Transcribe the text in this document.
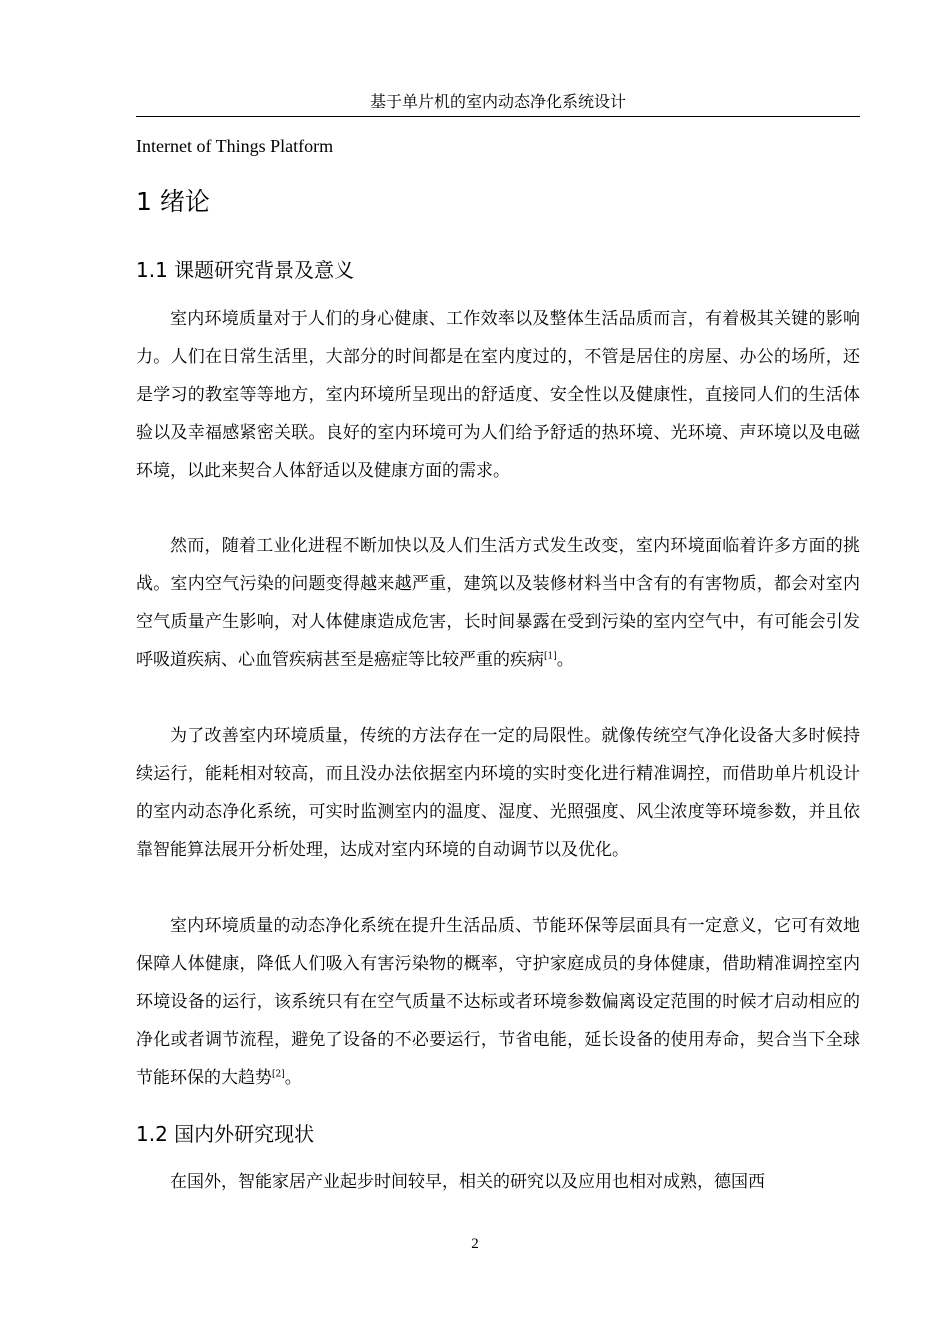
基于单片机的室内动态净化系统设计
Internet of Things Platform
1 绪论
1.1 课题研究背景及意义

室内环境质量对于人们的身心健康、工作效率以及整体生活品质而言，有着极其关键的影响力。人们在日常生活里，大部分的时间都是在室内度过的，不管是居住的房屋、办公的场所，还是学习的教室等等地方，室内环境所呈现出的舒适度、安全性以及健康性，直接同人们的生活体验以及幸福感紧密关联。良好的室内环境可为人们给予舒适的热环境、光环境、声环境以及电磁环境，以此来契合人体舒适以及健康方面的需求。

然而，随着工业化进程不断加快以及人们生活方式发生改变，室内环境面临着许多方面的挑战。室内空气污染的问题变得越来越严重，建筑以及装修材料当中含有的有害物质，都会对室内空气质量产生影响，对人体健康造成危害，长时间暴露在受到污染的室内空气中，有可能会引发呼吸道疾病、心血管疾病甚至是癌症等比较严重的疾病[1]。

为了改善室内环境质量，传统的方法存在一定的局限性。就像传统空气净化设备大多时候持续运行，能耗相对较高，而且没办法依据室内环境的实时变化进行精准调控，而借助单片机设计的室内动态净化系统，可实时监测室内的温度、湿度、光照强度、风尘浓度等环境参数，并且依靠智能算法展开分析处理，达成对室内环境的自动调节以及优化。

室内环境质量的动态净化系统在提升生活品质、节能环保等层面具有一定意义，它可有效地保障人体健康，降低人们吸入有害污染物的概率，守护家庭成员的身体健康，借助精准调控室内环境设备的运行，该系统只有在空气质量不达标或者环境参数偏离设定范围的时候才启动相应的净化或者调节流程，避免了设备的不必要运行，节省电能，延长设备的使用寿命，契合当下全球节能环保的大趋势[2]。

1.2 国内外研究现状

在国外，智能家居产业起步时间较早，相关的研究以及应用也相对成熟，德国西

2
